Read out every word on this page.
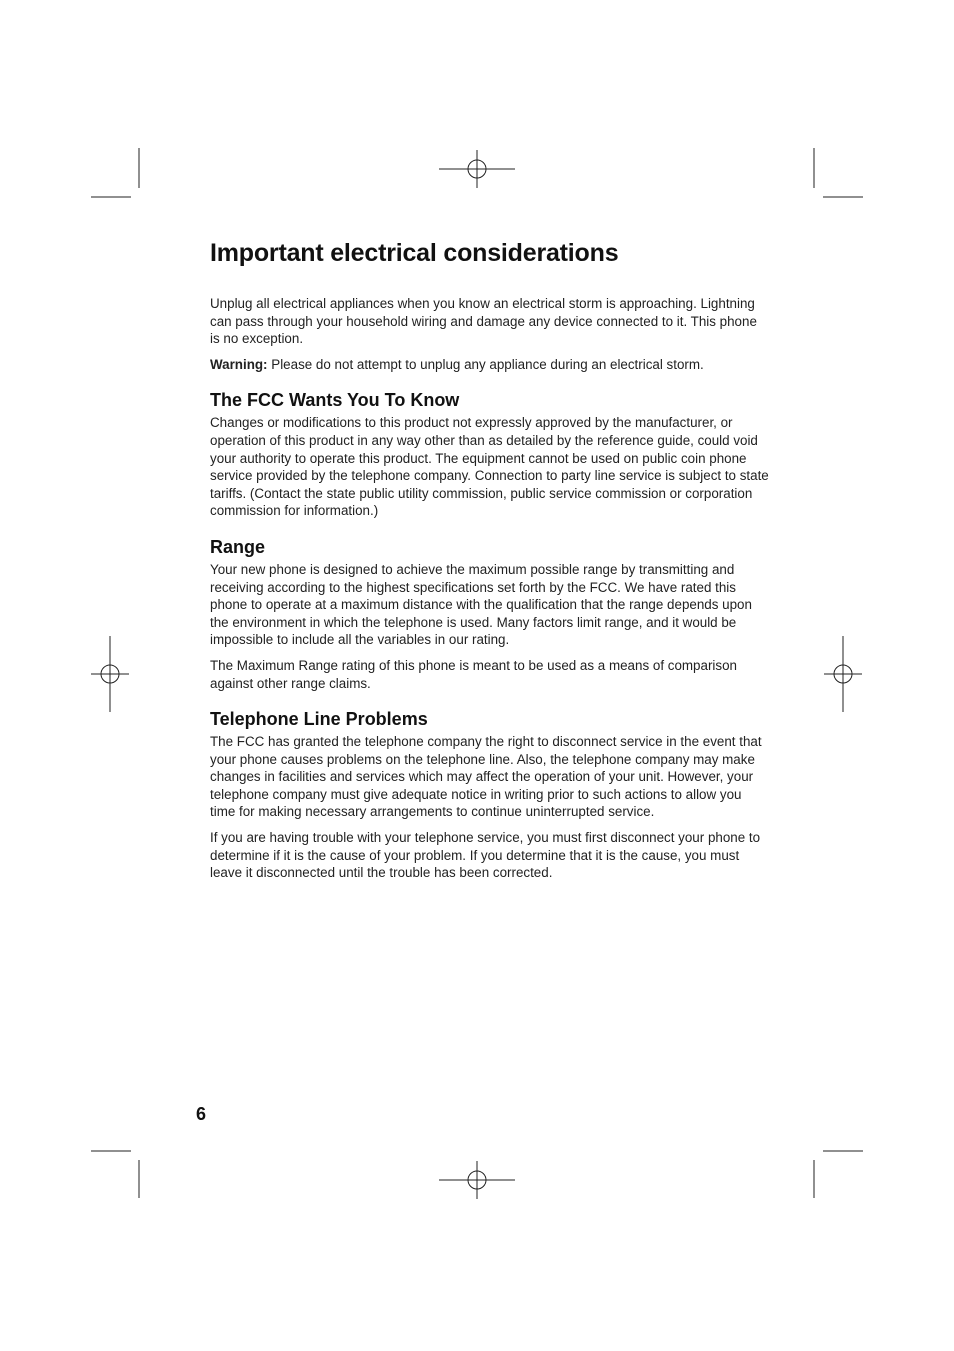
Important electrical considerations

Unplug all electrical appliances when you know an electrical storm is approaching. Lightning can pass through your household wiring and damage any device connected to it. This phone is no exception.

Warning: Please do not attempt to unplug any appliance during an electrical storm.

The FCC Wants You To Know

Changes or modifications to this product not expressly approved by the manufacturer, or operation of this product in any way other than as detailed by the reference guide, could void your authority to operate this product. The equipment cannot be used on public coin phone service provided by the telephone company. Connection to party line service is subject to state tariffs. (Contact the state public utility commission, public service commission or corporation commission for information.)

Range

Your new phone is designed to achieve the maximum possible range by transmitting and receiving according to the highest specifications set forth by the FCC. We have rated this phone to operate at a maximum distance with the qualification that the range depends upon the environment in which the telephone is used. Many factors limit range, and it would be impossible to include all the variables in our rating.

The Maximum Range rating of this phone is meant to be used as a means of comparison against other range claims.

Telephone Line Problems

The FCC has granted the telephone company the right to disconnect service in the event that your phone causes problems on the telephone line. Also, the telephone company may make changes in facilities and services which may affect the operation of your unit. However, your telephone company must give adequate notice in writing prior to such actions to allow you time for making necessary arrangements to continue uninterrupted service.

If you are having trouble with your telephone service, you must first disconnect your phone to determine if it is the cause of your problem. If you determine that it is the cause, you must leave it disconnected until the trouble has been corrected.

6
